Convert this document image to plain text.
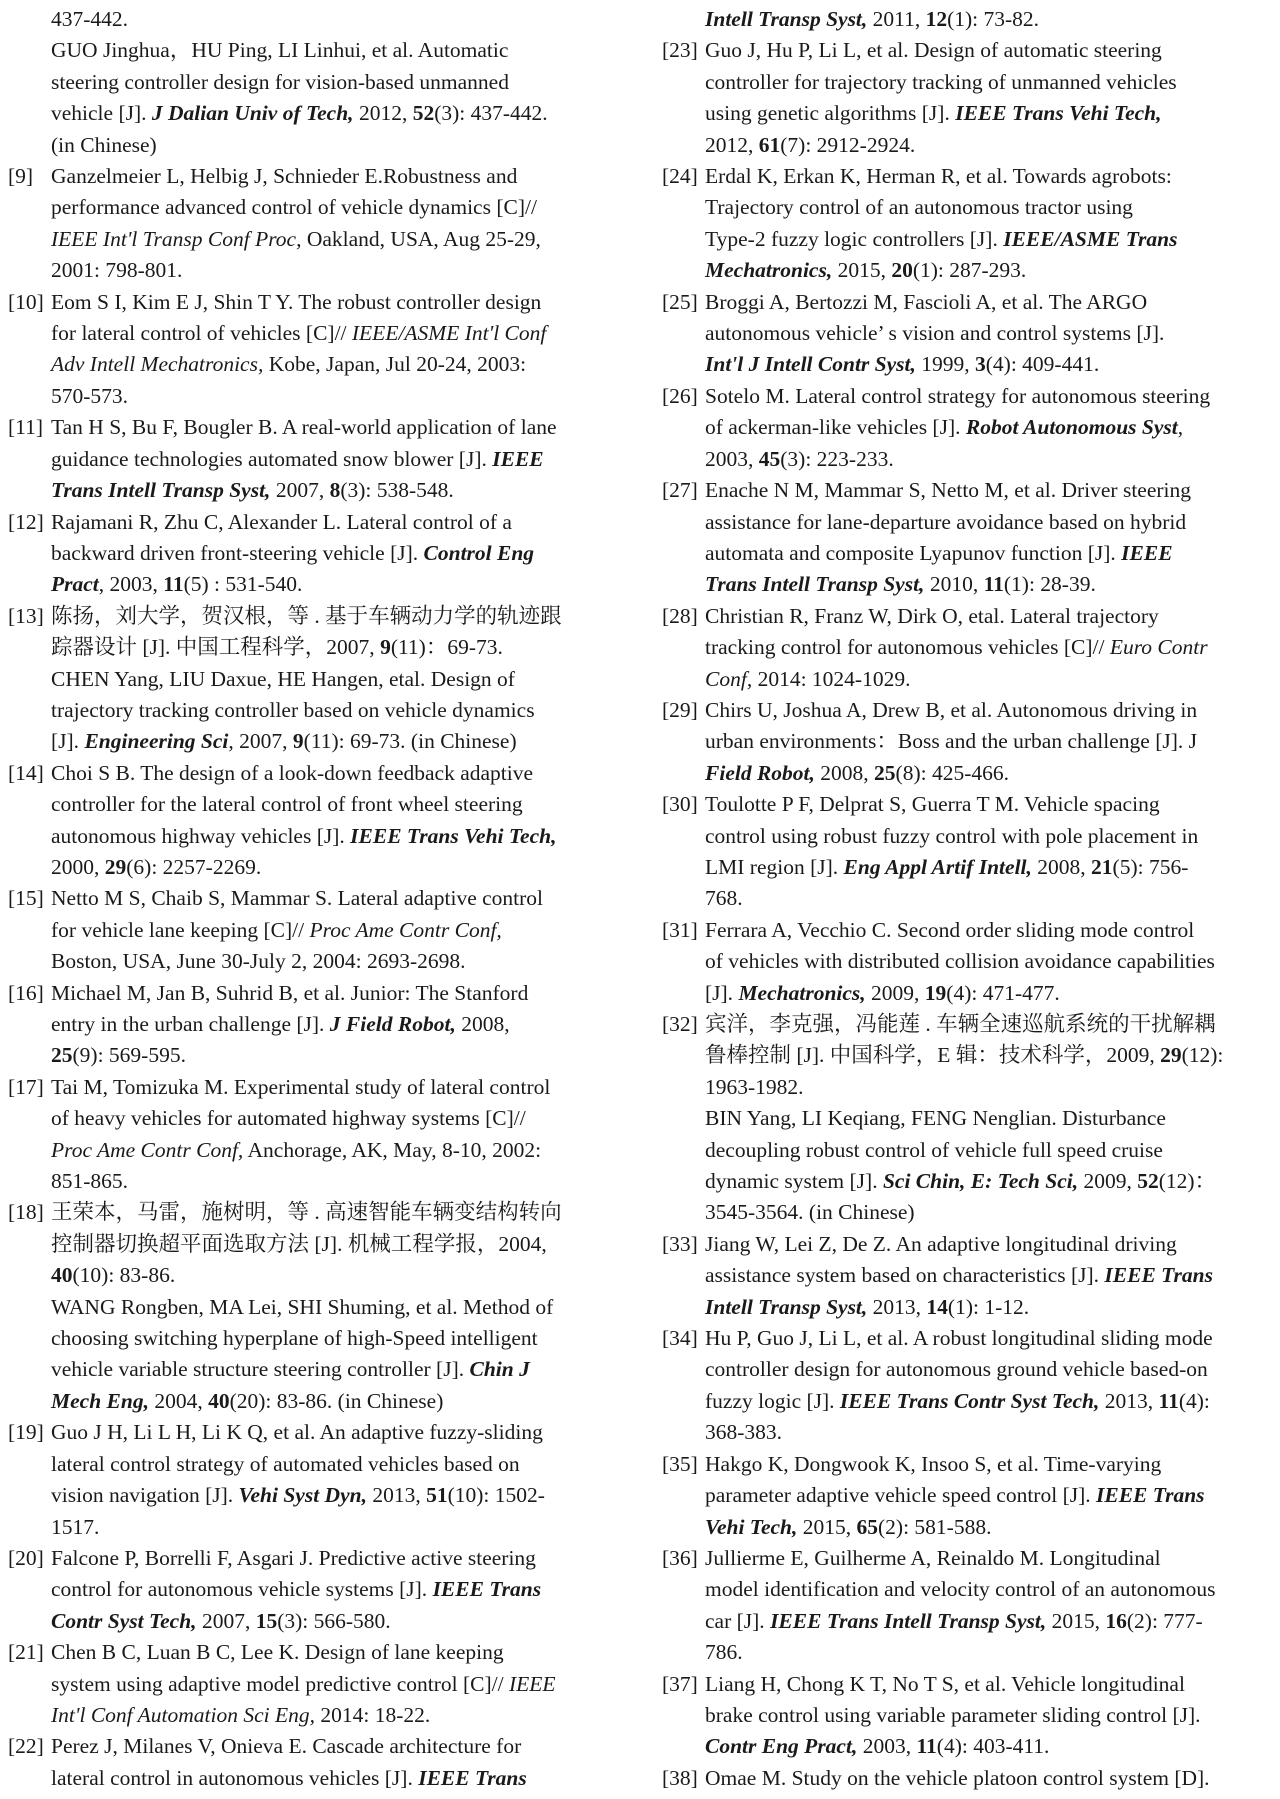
437-442.
GUO Jinghua，HU Ping, LI Linhui, et al. Automatic
steering controller design for vision-based unmanned
vehicle [J]. J Dalian Univ of Tech, 2012, 52(3): 437-442.
(in Chinese)
[9] Ganzelmeier L, Helbig J, Schnieder E.Robustness and
performance advanced control of vehicle dynamics [C]//
IEEE Int'l Transp Conf Proc, Oakland, USA, Aug 25-29,
2001: 798-801.
[10] Eom S I, Kim E J, Shin T Y. The robust controller design
for lateral control of vehicles [C]// IEEE/ASME Int'l Conf
Adv Intell Mechatronics, Kobe, Japan, Jul 20-24, 2003:
570-573.
[11] Tan H S, Bu F, Bougler B. A real-world application of lane
guidance technologies automated snow blower [J]. IEEE
Trans Intell Transp Syst, 2007, 8(3): 538-548.
[12] Rajamani R, Zhu C, Alexander L. Lateral control of a
backward driven front-steering vehicle [J]. Control Eng
Pract, 2003, 11(5) : 531-540.
[13] 陈扬，刘大学，贺汉根，等 . 基于车辆动力学的轨迹跟
踪器设计 [J]. 中国工程科学，2007, 9(11)：69-73.
CHEN Yang, LIU Daxue, HE Hangen, etal. Design of
trajectory tracking controller based on vehicle dynamics
[J]. Engineering Sci, 2007, 9(11): 69-73. (in Chinese)
[14] Choi S B. The design of a look-down feedback adaptive
controller for the lateral control of front wheel steering
autonomous highway vehicles [J]. IEEE Trans Vehi Tech,
2000, 29(6): 2257-2269.
[15] Netto M S, Chaib S, Mammar S. Lateral adaptive control
for vehicle lane keeping [C]// Proc Ame Contr Conf,
Boston, USA, June 30-July 2, 2004: 2693-2698.
[16] Michael M, Jan B, Suhrid B, et al. Junior: The Stanford
entry in the urban challenge [J]. J Field Robot, 2008,
25(9): 569-595.
[17] Tai M, Tomizuka M. Experimental study of lateral control
of heavy vehicles for automated highway systems [C]//
Proc Ame Contr Conf, Anchorage, AK, May, 8-10, 2002:
851-865.
[18] 王荣本，马雷，施树明，等 . 高速智能车辆变结构转向
控制器切换超平面选取方法 [J]. 机械工程学报，2004,
40(10): 83-86.
WANG Rongben, MA Lei, SHI Shuming, et al. Method of
choosing switching hyperplane of high-Speed intelligent
vehicle variable structure steering controller [J]. Chin J
Mech Eng, 2004, 40(20): 83-86. (in Chinese)
[19] Guo J H, Li L H, Li K Q, et al. An adaptive fuzzy-sliding
lateral control strategy of automated vehicles based on
vision navigation [J]. Vehi Syst Dyn, 2013, 51(10): 1502-
1517.
[20] Falcone P, Borrelli F, Asgari J. Predictive active steering
control for autonomous vehicle systems [J]. IEEE Trans
Contr Syst Tech, 2007, 15(3): 566-580.
[21] Chen B C, Luan B C, Lee K. Design of lane keeping
system using adaptive model predictive control [C]// IEEE
Int'l Conf Automation Sci Eng, 2014: 18-22.
[22] Perez J, Milanes V, Onieva E. Cascade architecture for
lateral control in autonomous vehicles [J]. IEEE Trans
Intell Transp Syst, 2011, 12(1): 73-82.
[23] Guo J, Hu P, Li L, et al. Design of automatic steering
controller for trajectory tracking of unmanned vehicles
using genetic algorithms [J]. IEEE Trans Vehi Tech,
2012, 61(7): 2912-2924.
[24] Erdal K, Erkan K, Herman R, et al. Towards agrobots:
Trajectory control of an autonomous tractor using
Type-2 fuzzy logic controllers [J]. IEEE/ASME Trans
Mechatronics, 2015, 20(1): 287-293.
[25] Broggi A, Bertozzi M, Fascioli A, et al. The ARGO
autonomous vehicle’ s vision and control systems [J].
Int'l J Intell Contr Syst, 1999, 3(4): 409-441.
[26] Sotelo M. Lateral control strategy for autonomous steering
of ackerman-like vehicles [J]. Robot Autonomous Syst,
2003, 45(3): 223-233.
[27] Enache N M, Mammar S, Netto M, et al. Driver steering
assistance for lane-departure avoidance based on hybrid
automata and composite Lyapunov function [J]. IEEE
Trans Intell Transp Syst, 2010, 11(1): 28-39.
[28] Christian R, Franz W, Dirk O, etal. Lateral trajectory
tracking control for autonomous vehicles [C]// Euro Contr
Conf, 2014: 1024-1029.
[29] Chirs U, Joshua A, Drew B, et al. Autonomous driving in
urban environments：Boss and the urban challenge [J]. J
Field Robot, 2008, 25(8): 425-466.
[30] Toulotte P F, Delprat S, Guerra T M. Vehicle spacing
control using robust fuzzy control with pole placement in
LMI region [J]. Eng Appl Artif Intell, 2008, 21(5): 756-
768.
[31] Ferrara A, Vecchio C. Second order sliding mode control
of vehicles with distributed collision avoidance capabilities
[J]. Mechatronics, 2009, 19(4): 471-477.
[32] 宾洋，李克强，冯能莲 . 车辆全速巡航系统的干扰解耦
鲁棒控制 [J]. 中国科学，E 辑：技术科学，2009, 29(12):
1963-1982.
BIN Yang, LI Keqiang, FENG Nenglian. Disturbance
decoupling robust control of vehicle full speed cruise
dynamic system [J]. Sci Chin, E: Tech Sci, 2009, 52(12)：
3545-3564. (in Chinese)
[33] Jiang W, Lei Z, De Z. An adaptive longitudinal driving
assistance system based on characteristics [J]. IEEE Trans
Intell Transp Syst, 2013, 14(1): 1-12.
[34] Hu P, Guo J, Li L, et al. A robust longitudinal sliding mode
controller design for autonomous ground vehicle based-on
fuzzy logic [J]. IEEE Trans Contr Syst Tech, 2013, 11(4):
368-383.
[35] Hakgo K, Dongwook K, Insoo S, et al. Time-varying
parameter adaptive vehicle speed control [J]. IEEE Trans
Vehi Tech, 2015, 65(2): 581-588.
[36] Jullierme E, Guilherme A, Reinaldo M. Longitudinal
model identification and velocity control of an autonomous
car [J]. IEEE Trans Intell Transp Syst, 2015, 16(2): 777-
786.
[37] Liang H, Chong K T, No T S, et al. Vehicle longitudinal
brake control using variable parameter sliding control [J].
Contr Eng Pract, 2003, 11(4): 403-411.
[38] Omae M. Study on the vehicle platoon control system [D].
